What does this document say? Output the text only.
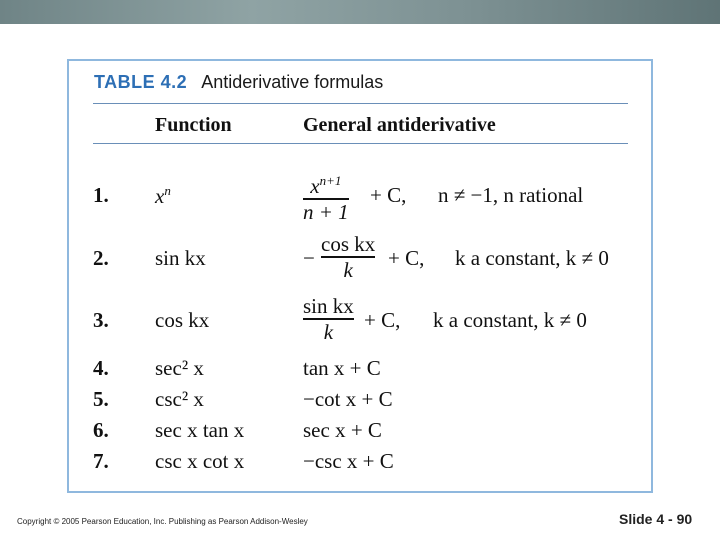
TABLE 4.2 Antiderivative formulas
Function	General antiderivative
1. $x^n$	$x^{n+1}$
n + 1
+ C, n ≠ −1, n rational
2. sin kx	−
cos kx
k + C, k a constant, k ≠ 0
3. cos kx
sin kx
k + C, k a constant, k ≠ 0
4. sec² x	tan x + C
5. csc² x	−cot x + C
6. sec x tan x	sec x + C
7. csc x cot x	−csc x + C
Copyright © 2005 Pearson Education, Inc. Publishing as Pearson Addison-Wesley	Slide 4 - 90
